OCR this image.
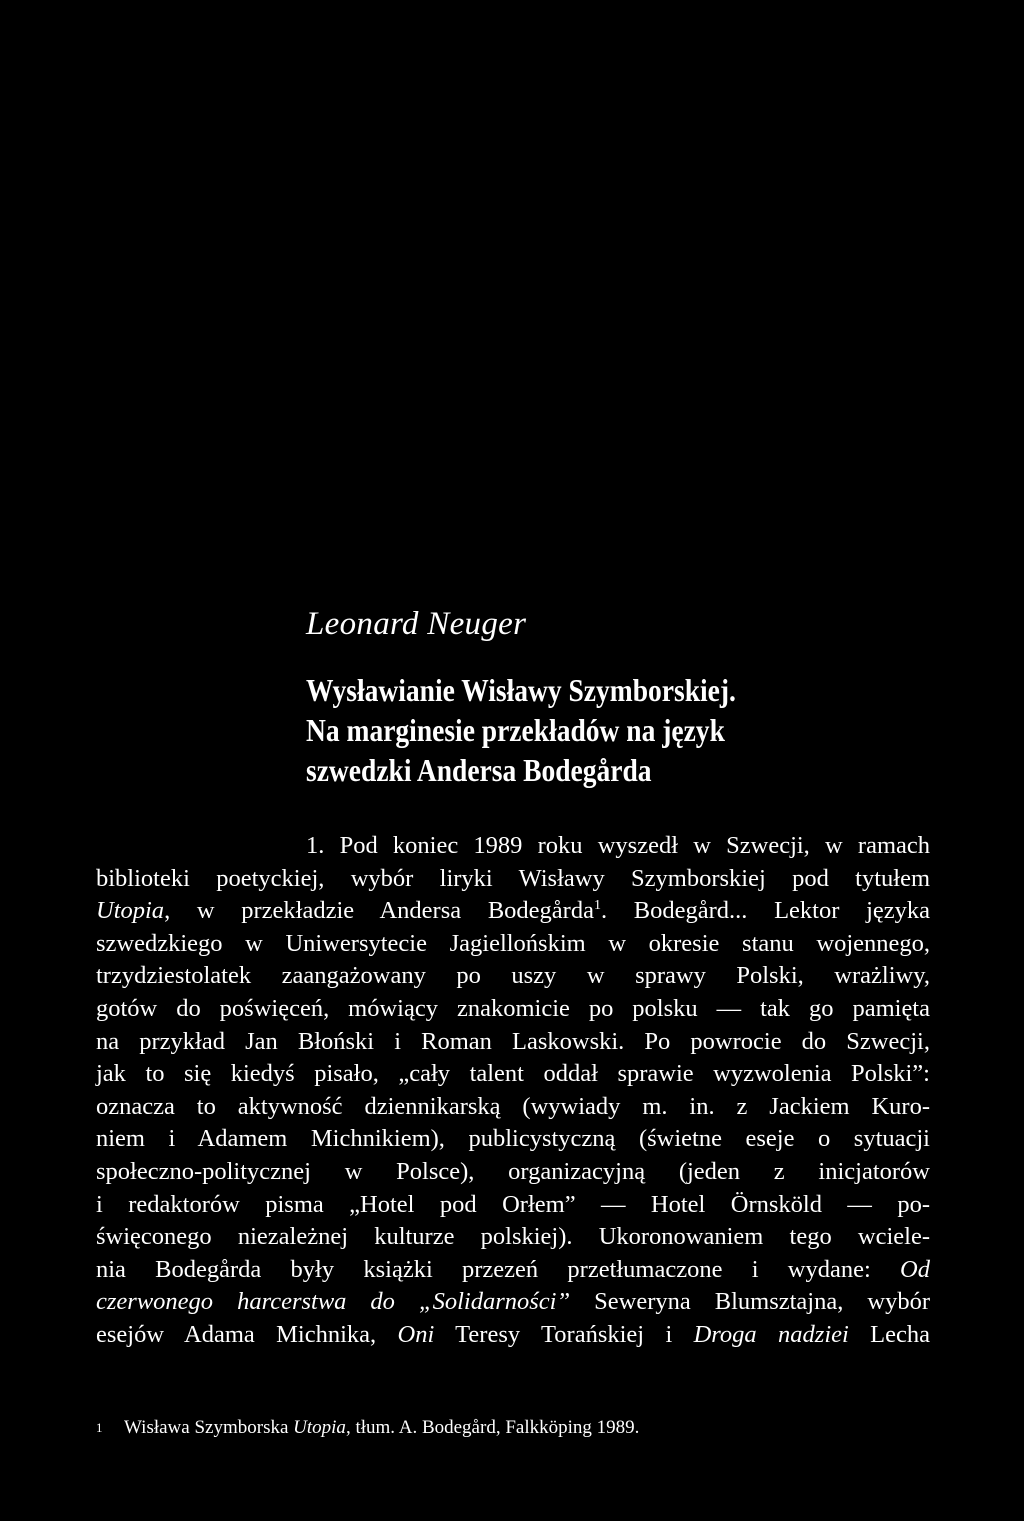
Leonard Neuger

Wysławianie Wisławy Szymborskiej.
Na marginesie przekładów na język
szwedzki Andersa Bodegårda
1. Pod koniec 1989 roku wyszedł w Szwecji, w ramach
biblioteki poetyckiej, wybór liryki Wisławy Szymborskiej pod tytułem
Utopia, w przekładzie Andersa Bodegårda$^1$. Bodegård... Lektor języka
szwedzkiego w Uniwersytecie Jagiellońskim w okresie stanu wojennego,
trzydziestolatek zaangażowany po uszy w sprawy Polski, wrażliwy,
gotów do poświęceń, mówiący znakomicie po polsku — tak go pamięta
na przykład Jan Błoński i Roman Laskowski. Po powrocie do Szwecji,
jak to się kiedyś pisało, „cały talent oddał sprawie wyzwolenia Polski”:
oznacza to aktywność dziennikarską (wywiady m. in. z Jackiem Kuro-
niem i Adamem Michnikiem), publicystyczną (świetne eseje o sytuacji
społeczno-politycznej w Polsce), organizacyjną (jeden z inicjatorów
i redaktorów pisma „Hotel pod Orłem” — Hotel Örnsköld — po-
święconego niezależnej kulturze polskiej). Ukoronowaniem tego wciele-
nia Bodegårda były książki przezeń przetłumaczone i wydane: Od
czerwonego harcerstwa do „Solidarności” Seweryna Blumsztajna, wybór
esejów Adama Michnika, Oni Teresy Torańskiej i Droga nadziei Lecha

1 Wisława Szymborska Utopia, tłum. A. Bodegård, Falkköping 1989.
